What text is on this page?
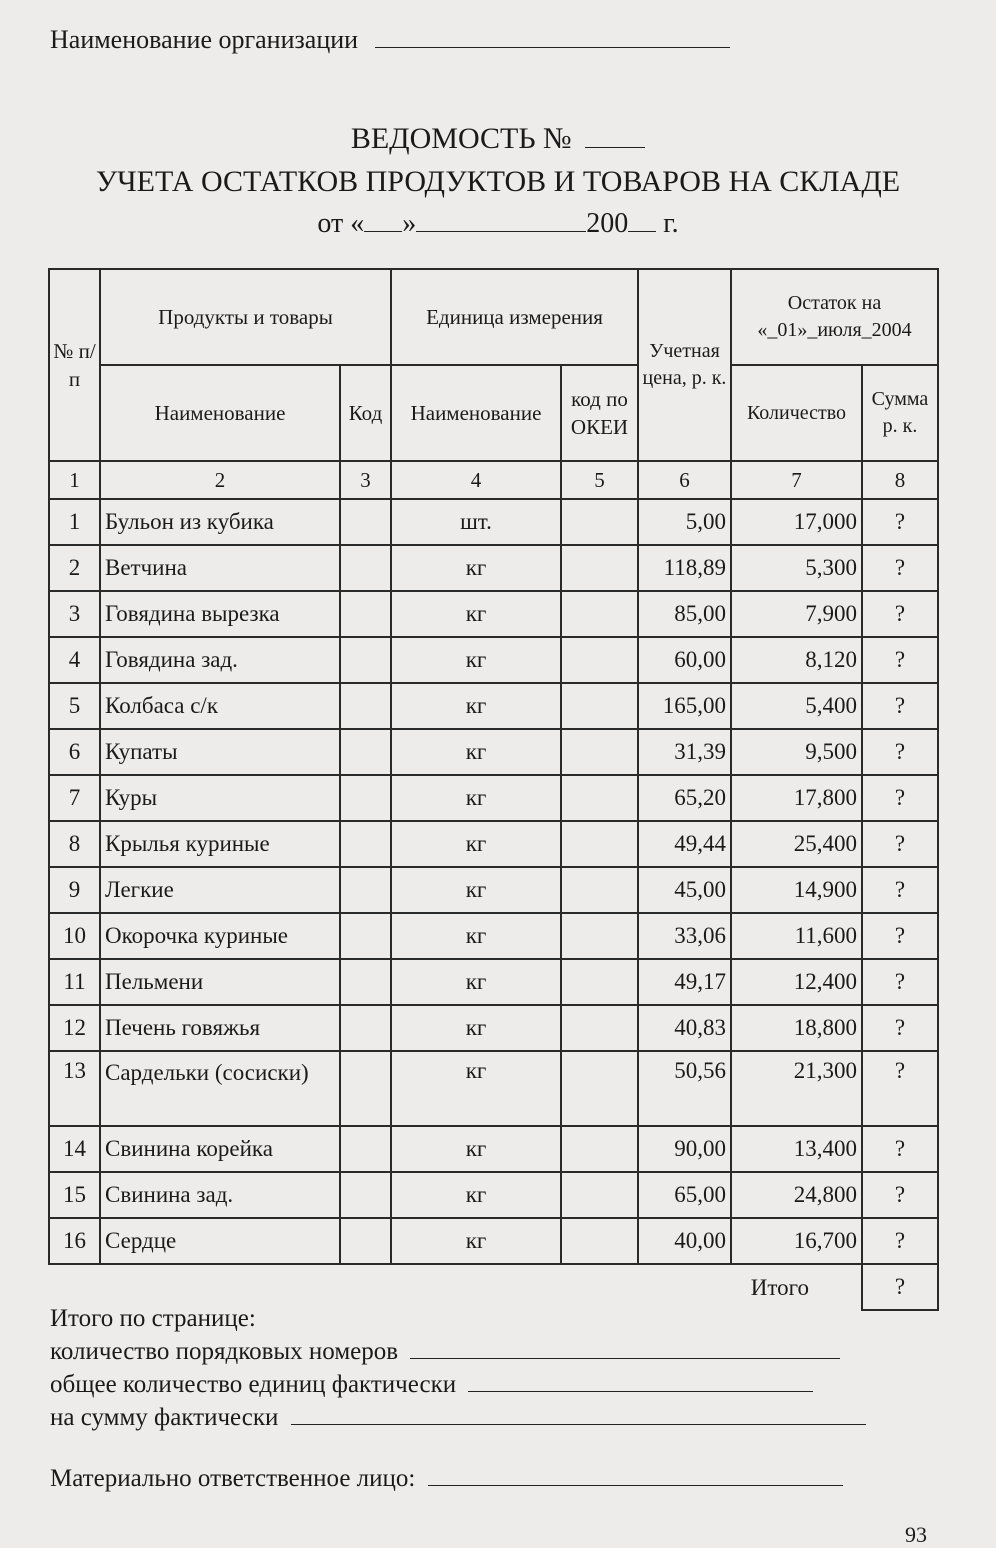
Наименование организации
ВЕДОМОСТЬ №
УЧЕТА ОСТАТКОВ ПРОДУКТОВ И ТОВАРОВ НА СКЛАДЕ
от « »	200 г.
№ п/п	Продукты и товары		Единица измерения		Учетная цена, р. к.	Остаток на «_01»_июля_2004	
	Наименование	Код	Наименование	код по ОКЕИ		Количество	Сумма р. к.
1	2	3	4	5	6	7	8
1	Бульон из кубика		шт.		5,00	17,000	?
2	Ветчина		кг		118,89	5,300	?
3	Говядина вырезка		кг		85,00	7,900	?
4	Говядина зад.		кг		60,00	8,120	?
5	Колбаса с/к		кг		165,00	5,400	?
6	Купаты		кг		31,39	9,500	?
7	Куры		кг		65,20	17,800	?
8	Крылья куриные		кг		49,44	25,400	?
9	Легкие		кг		45,00	14,900	?
10	Окорочка куриные		кг		33,06	11,600	?
11	Пельмени		кг		49,17	12,400	?
12	Печень говяжья		кг		40,83	18,800	?
13	Сардельки (сосиски)		кг		50,56	21,300	?
14	Свинина корейка		кг		90,00	13,400	?
15	Свинина зад.		кг		65,00	24,800	?
16	Сердце		кг		40,00	16,700	?
Итого							?
Итого по странице:
количество порядковых номеров
общее количество единиц фактически
на сумму фактически
Материально ответственное лицо:
93
